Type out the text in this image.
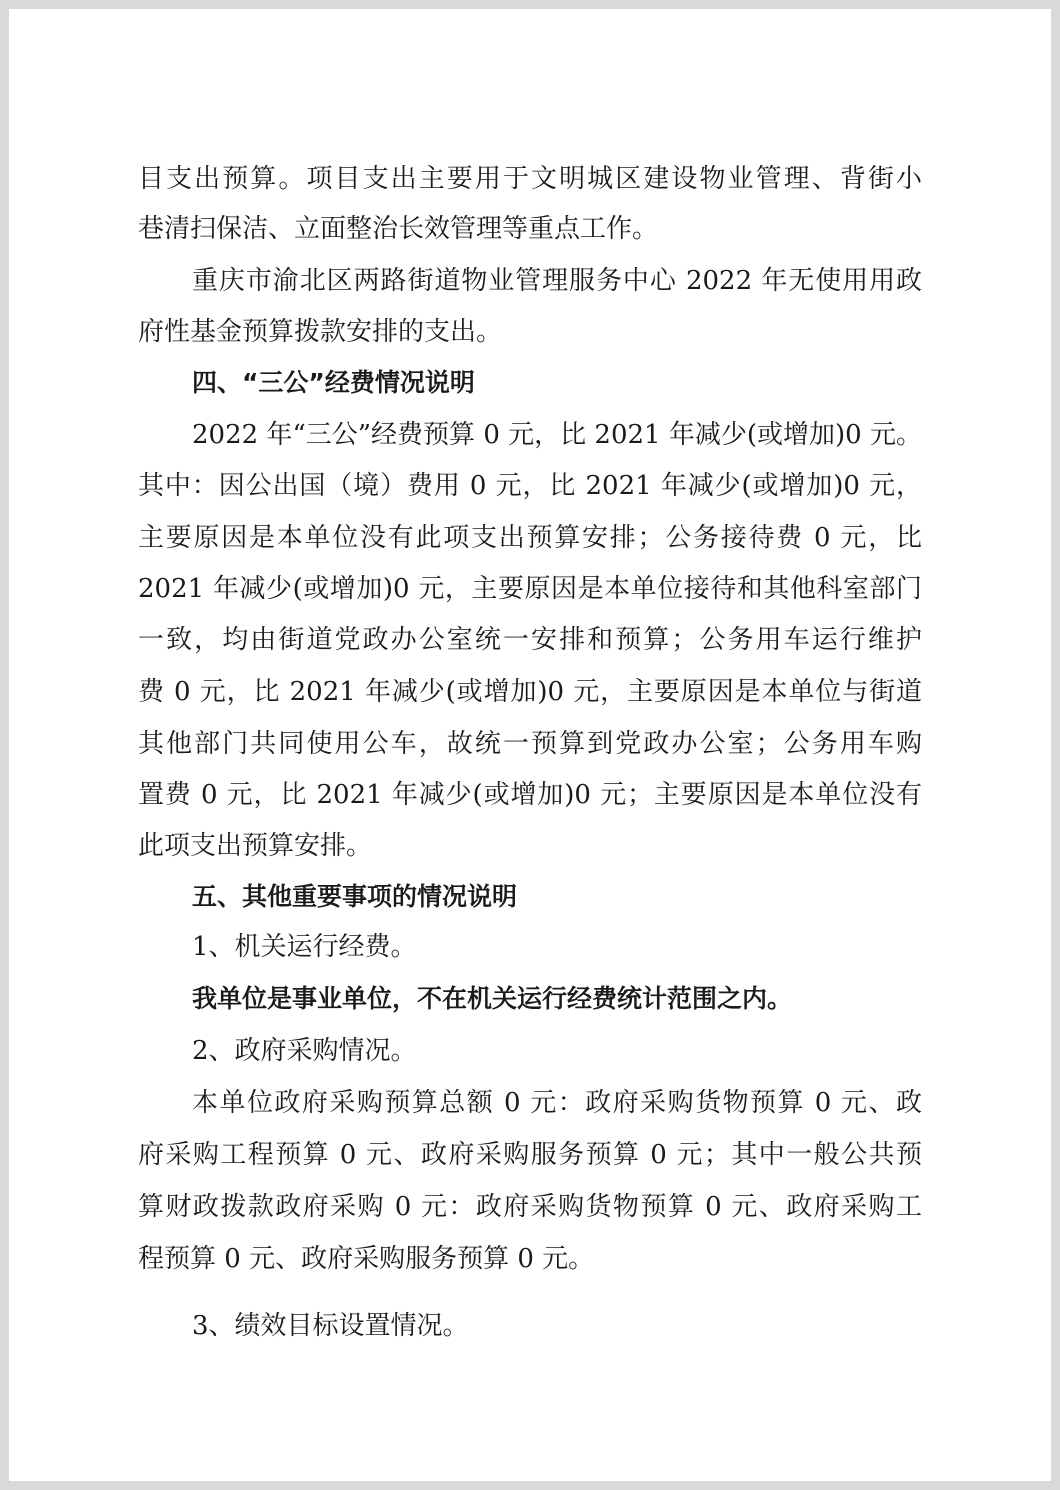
目支出预算。项目支出主要用于文明城区建设物业管理、背街小
巷清扫保洁、立面整治长效管理等重点工作。
重庆市渝北区两路街道物业管理服务中心 2022 年无使用用政
府性基金预算拨款安排的支出。
四、“三公”经费情况说明
2022 年“三公”经费预算 0 元，比 2021 年减少(或增加)0 元。
其中：因公出国（境）费用 0 元，比 2021 年减少(或增加)0 元，
主要原因是本单位没有此项支出预算安排；公务接待费 0 元，比
2021 年减少(或增加)0 元，主要原因是本单位接待和其他科室部门
一致，均由街道党政办公室统一安排和预算；公务用车运行维护
费 0 元，比 2021 年减少(或增加)0 元，主要原因是本单位与街道
其他部门共同使用公车，故统一预算到党政办公室；公务用车购
置费 0 元，比 2021 年减少(或增加)0 元；主要原因是本单位没有
此项支出预算安排。
五、其他重要事项的情况说明
1、机关运行经费。
我单位是事业单位，不在机关运行经费统计范围之内。
2、政府采购情况。
本单位政府采购预算总额 0 元：政府采购货物预算 0 元、政
府采购工程预算 0 元、政府采购服务预算 0 元；其中一般公共预
算财政拨款政府采购 0 元：政府采购货物预算 0 元、政府采购工
程预算 0 元、政府采购服务预算 0 元。
3、绩效目标设置情况。
